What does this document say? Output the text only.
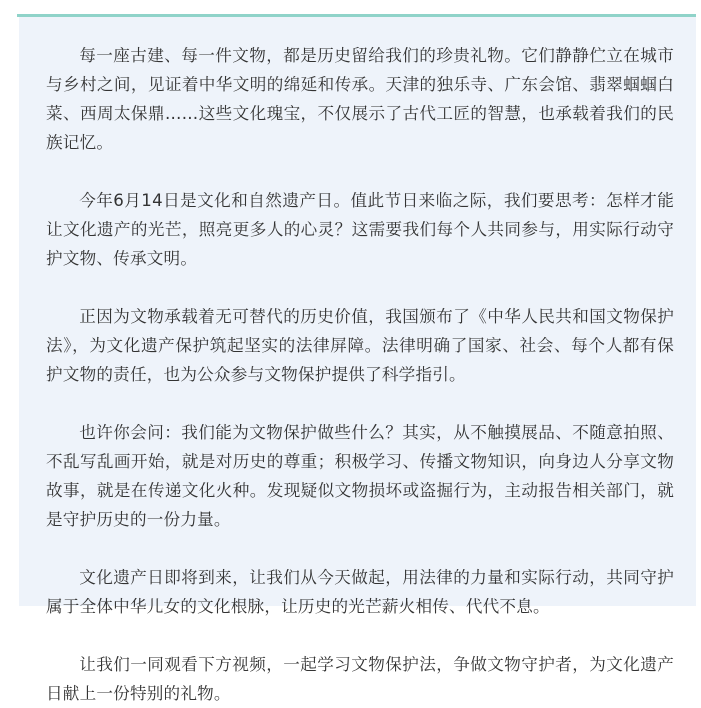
每一座古建、每一件文物，都是历史留给我们的珍贵礼物。它们静静伫立在城市与乡村之间，见证着中华文明的绵延和传承。天津的独乐寺、广东会馆、翡翠蝈蝈白菜、西周太保鼎……这些文化瑰宝，不仅展示了古代工匠的智慧，也承载着我们的民族记忆。

今年6月14日是文化和自然遗产日。值此节日来临之际，我们要思考：怎样才能让文化遗产的光芒，照亮更多人的心灵？这需要我们每个人共同参与，用实际行动守护文物、传承文明。

正因为文物承载着无可替代的历史价值，我国颁布了《中华人民共和国文物保护法》，为文化遗产保护筑起坚实的法律屏障。法律明确了国家、社会、每个人都有保护文物的责任，也为公众参与文物保护提供了科学指引。

也许你会问：我们能为文物保护做些什么？其实，从不触摸展品、不随意拍照、不乱写乱画开始，就是对历史的尊重；积极学习、传播文物知识，向身边人分享文物故事，就是在传递文化火种。发现疑似文物损坏或盗掘行为，主动报告相关部门，就是守护历史的一份力量。

文化遗产日即将到来，让我们从今天做起，用法律的力量和实际行动，共同守护属于全体中华儿女的文化根脉，让历史的光芒薪火相传、代代不息。

让我们一同观看下方视频，一起学习文物保护法，争做文物守护者，为文化遗产日献上一份特别的礼物。
